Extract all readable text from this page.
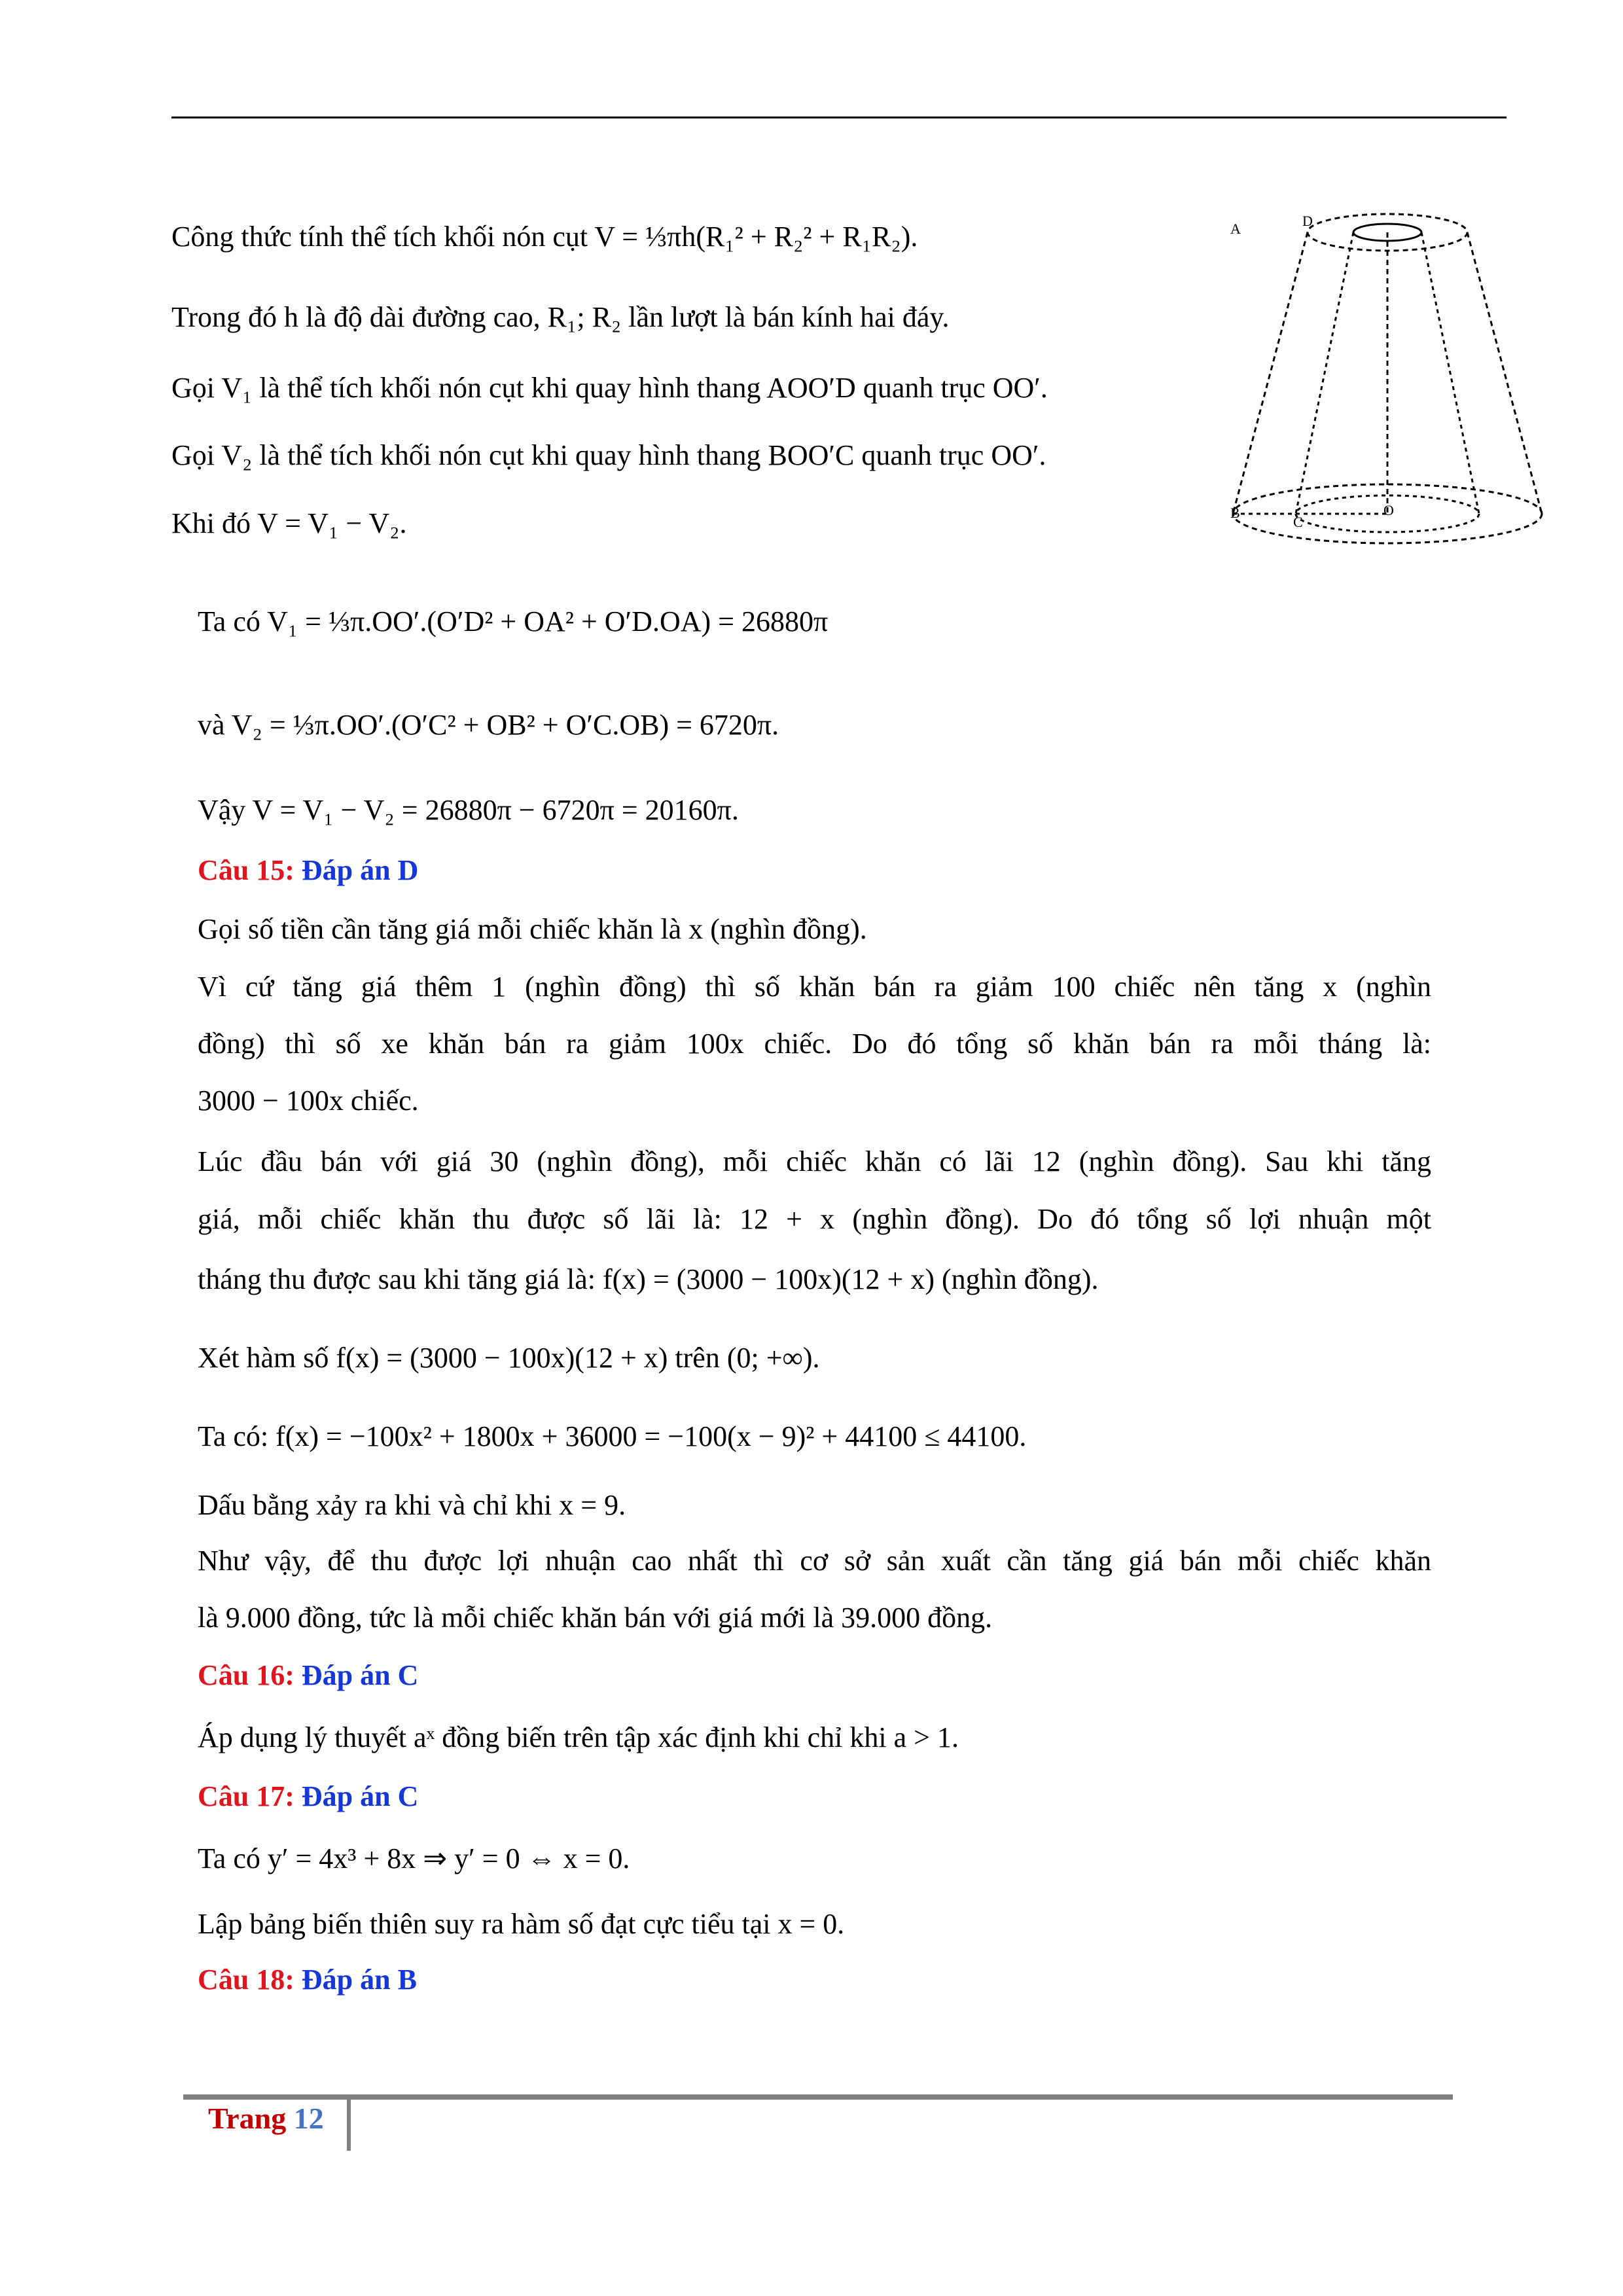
Công thức tính thể tích khối nón cụt V = ⅓πh(R₁² + R₂² + R₁R₂).
Trong đó h là độ dài đường cao, R₁; R₂ lần lượt là bán kính hai đáy.
Gọi V₁ là thể tích khối nón cụt khi quay hình thang AOO′D quanh trục OO′.
Gọi V₂ là thể tích khối nón cụt khi quay hình thang BOO′C quanh trục OO′.
Khi đó V = V₁ − V₂.
Ta có V₁ = ⅓π.OO′.(O′D² + OA² + O′D.OA) = 26880π
và V₂ = ⅓π.OO′.(O′C² + OB² + O′C.OB) = 6720π.
Vậy V = V₁ − V₂ = 26880π − 6720π = 20160π.
A	D
O
B
C
Câu 15: Đáp án D
Gọi số tiền cần tăng giá mỗi chiếc khăn là x (nghìn đồng).
Vì cứ tăng giá thêm 1 (nghìn đồng) thì số khăn bán ra giảm 100 chiếc nên tăng x (nghìn
đồng) thì số xe khăn bán ra giảm 100x chiếc. Do đó tổng số khăn bán ra mỗi tháng là:
3000 − 100x chiếc.
Lúc đầu bán với giá 30 (nghìn đồng), mỗi chiếc khăn có lãi 12 (nghìn đồng). Sau khi tăng
giá, mỗi chiếc khăn thu được số lãi là: 12 + x (nghìn đồng). Do đó tổng số lợi nhuận một
tháng thu được sau khi tăng giá là: f(x) = (3000 − 100x)(12 + x) (nghìn đồng).
Xét hàm số f(x) = (3000 − 100x)(12 + x) trên (0; +∞).
Ta có: f(x) = −100x² + 1800x + 36000 = −100(x − 9)² + 44100 ≤ 44100.
Dấu bằng xảy ra khi và chỉ khi x = 9.
Như vậy, để thu được lợi nhuận cao nhất thì cơ sở sản xuất cần tăng giá bán mỗi chiếc khăn
là 9.000 đồng, tức là mỗi chiếc khăn bán với giá mới là 39.000 đồng.
Câu 16: Đáp án C
Áp dụng lý thuyết aˣ đồng biến trên tập xác định khi chỉ khi a > 1.
Câu 17: Đáp án C
Ta có y′ = 4x³ + 8x ⇒ y′ = 0 ⇔ x = 0.
Lập bảng biến thiên suy ra hàm số đạt cực tiểu tại x = 0.
Câu 18: Đáp án B
Trang 12
